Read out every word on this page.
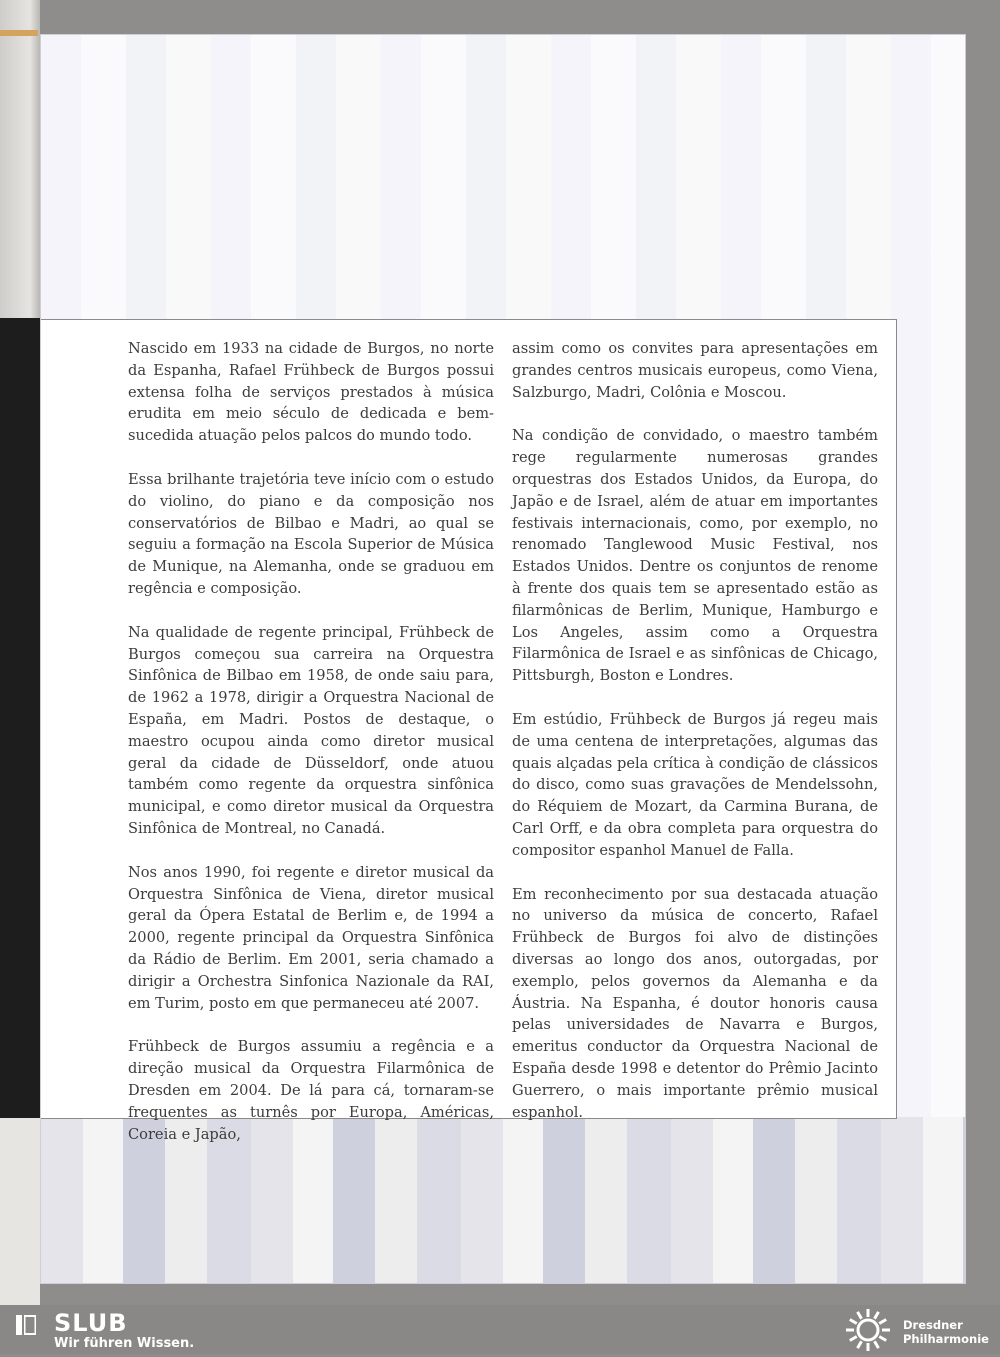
Nascido em 1933 na cidade de Burgos, no norte da Espanha, Rafael Frühbeck de Burgos possui extensa folha de serviços prestados à música erudita em meio século de dedicada e bem-sucedida atuação pelos palcos do mundo todo.

Essa brilhante trajetória teve início com o estudo do violino, do piano e da composição nos conservatórios de Bilbao e Madri, ao qual se seguiu a formação na Escola Superior de Música de Munique, na Alemanha, onde se graduou em regência e composição.

Na qualidade de regente principal, Frühbeck de Burgos começou sua carreira na Orquestra Sinfônica de Bilbao em 1958, de onde saiu para, de 1962 a 1978, dirigir a Orquestra Nacional de España, em Madri. Postos de destaque, o maestro ocupou ainda como diretor musical geral da cidade de Düsseldorf, onde atuou também como regente da orquestra sinfônica municipal, e como diretor musical da Orquestra Sinfônica de Montreal, no Canadá.

Nos anos 1990, foi regente e diretor musical da Orquestra Sinfônica de Viena, diretor musical geral da Ópera Estatal de Berlim e, de 1994 a 2000, regente principal da Orquestra Sinfônica da Rádio de Berlim. Em 2001, seria chamado a dirigir a Orchestra Sinfonica Nazionale da RAI, em Turim, posto em que permaneceu até 2007.

Frühbeck de Burgos assumiu a regência e a direção musical da Orquestra Filarmônica de Dresden em 2004. De lá para cá, tornaram-se frequentes as turnês por Europa, Américas, Coreia e Japão,

assim como os convites para apresentações em grandes centros musicais europeus, como Viena, Salzburgo, Madri, Colônia e Moscou.

Na condição de convidado, o maestro também rege regularmente numerosas grandes orquestras dos Estados Unidos, da Europa, do Japão e de Israel, além de atuar em importantes festivais internacionais, como, por exemplo, no renomado Tanglewood Music Festival, nos Estados Unidos. Dentre os conjuntos de renome à frente dos quais tem se apresentado estão as filarmônicas de Berlim, Munique, Hamburgo e Los Angeles, assim como a Orquestra Filarmônica de Israel e as sinfônicas de Chicago, Pittsburgh, Boston e Londres.

Em estúdio, Frühbeck de Burgos já regeu mais de uma centena de interpretações, algumas das quais alçadas pela crítica à condição de clássicos do disco, como suas gravações de Mendelssohn, do Réquiem de Mozart, da Carmina Burana, de Carl Orff, e da obra completa para orquestra do compositor espanhol Manuel de Falla.

Em reconhecimento por sua destacada atuação no universo da música de concerto, Rafael Frühbeck de Burgos foi alvo de distinções diversas ao longo dos anos, outorgadas, por exemplo, pelos governos da Alemanha e da Áustria. Na Espanha, é doutor honoris causa pelas universidades de Navarra e Burgos, emeritus conductor da Orquestra Nacional de España desde 1998 e detentor do Prêmio Jacinto Guerrero, o mais importante prêmio musical espanhol.

SLUB
Wir führen Wissen.
Dresdner
Philharmonie
